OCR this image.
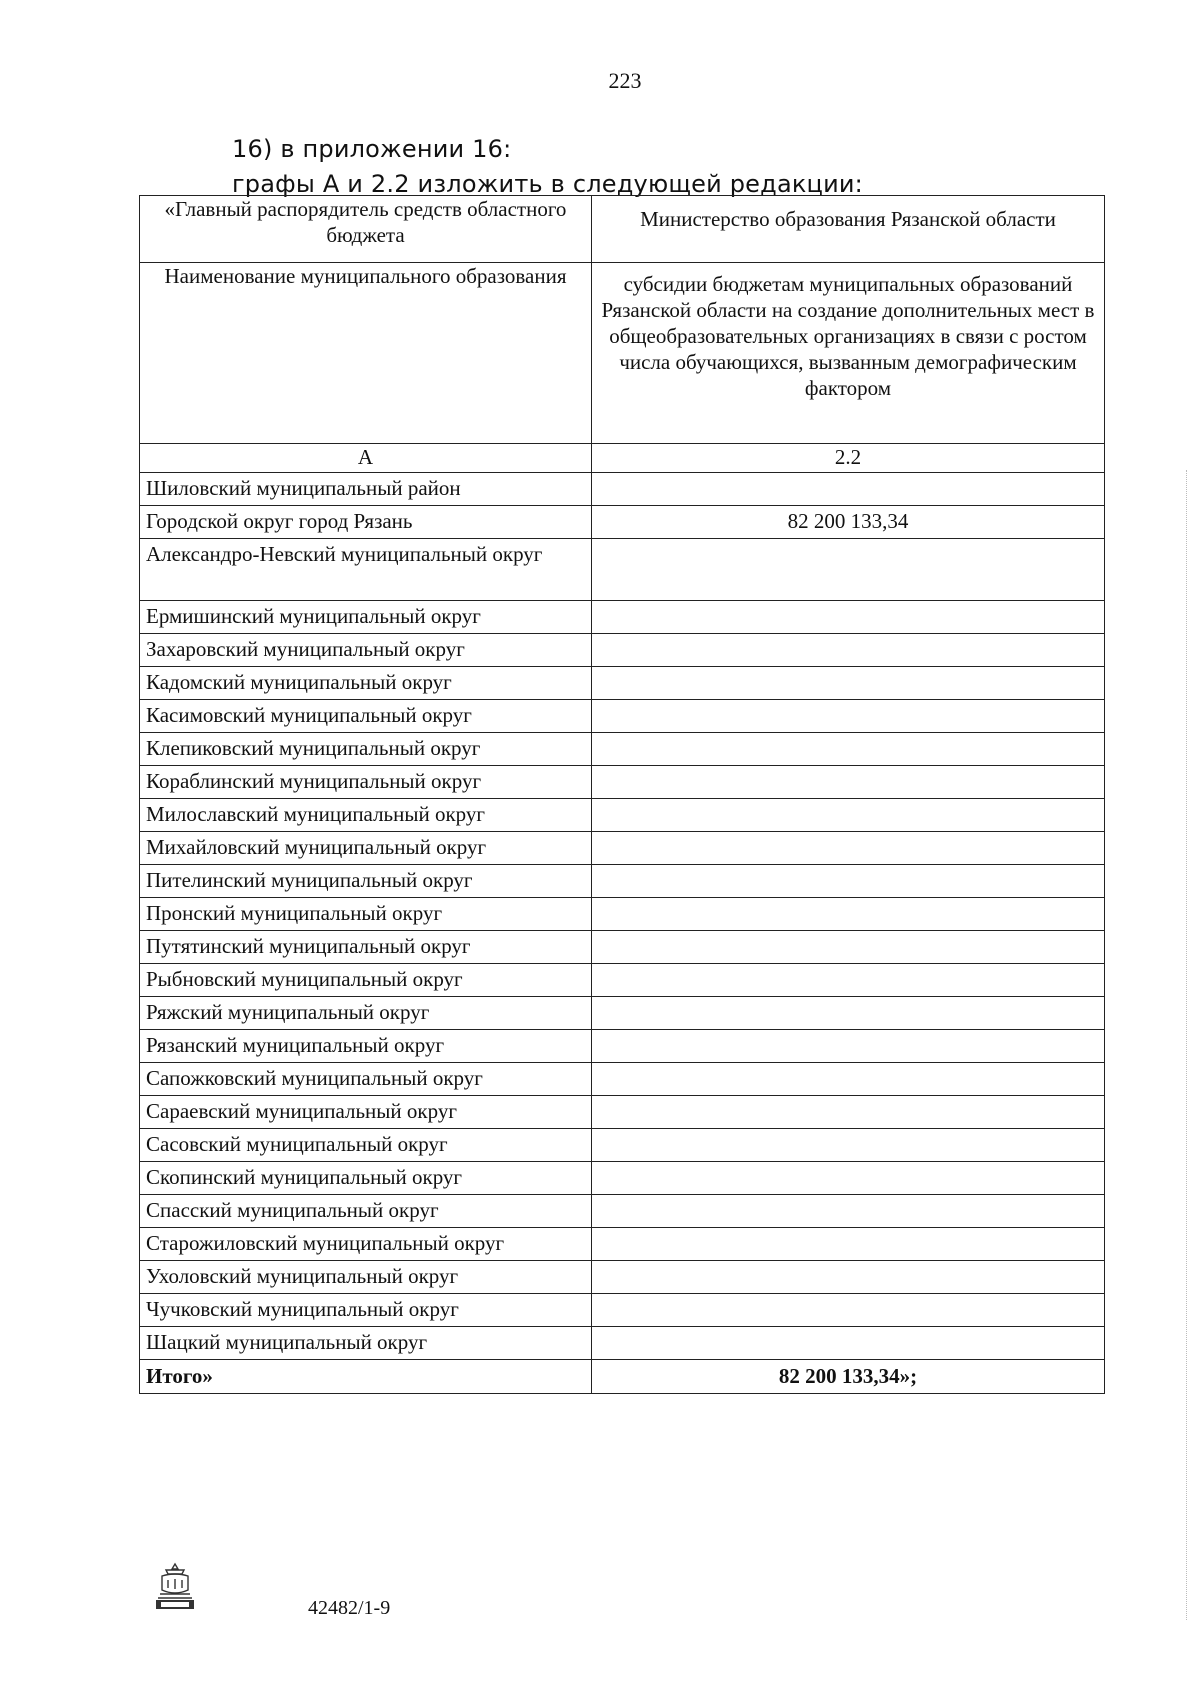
223
16) в приложении 16:
графы А и 2.2 изложить в следующей редакции:
«Главный распорядитель средств областного бюджета	Министерство образования Рязанской области
Наименование муниципального образования	субсидии бюджетам муниципальных образований Рязанской области на создание дополнительных мест в общеобразовательных организациях в связи с ростом числа обучающихся, вызванным демографическим фактором
А	2.2
Шиловский муниципальный район	
Городской округ город Рязань	82 200 133,34
Александро-Невский муниципальный округ	
Ермишинский муниципальный округ	
Захаровский муниципальный округ	
Кадомский муниципальный округ	
Касимовский муниципальный округ	
Клепиковский муниципальный округ	
Кораблинский муниципальный округ	
Милославский муниципальный округ	
Михайловский муниципальный округ	
Пителинский муниципальный округ	
Пронский муниципальный округ	
Путятинский муниципальный округ	
Рыбновский муниципальный округ	
Ряжский муниципальный округ	
Рязанский муниципальный округ	
Сапожковский муниципальный округ	
Сараевский муниципальный округ	
Сасовский муниципальный округ	
Скопинский муниципальный округ	
Спасский муниципальный округ	
Старожиловский муниципальный округ	
Ухоловский муниципальный округ	
Чучковский муниципальный округ	
Шацкий муниципальный округ	
Итого»	82 200 133,34»;
42482/1-9
